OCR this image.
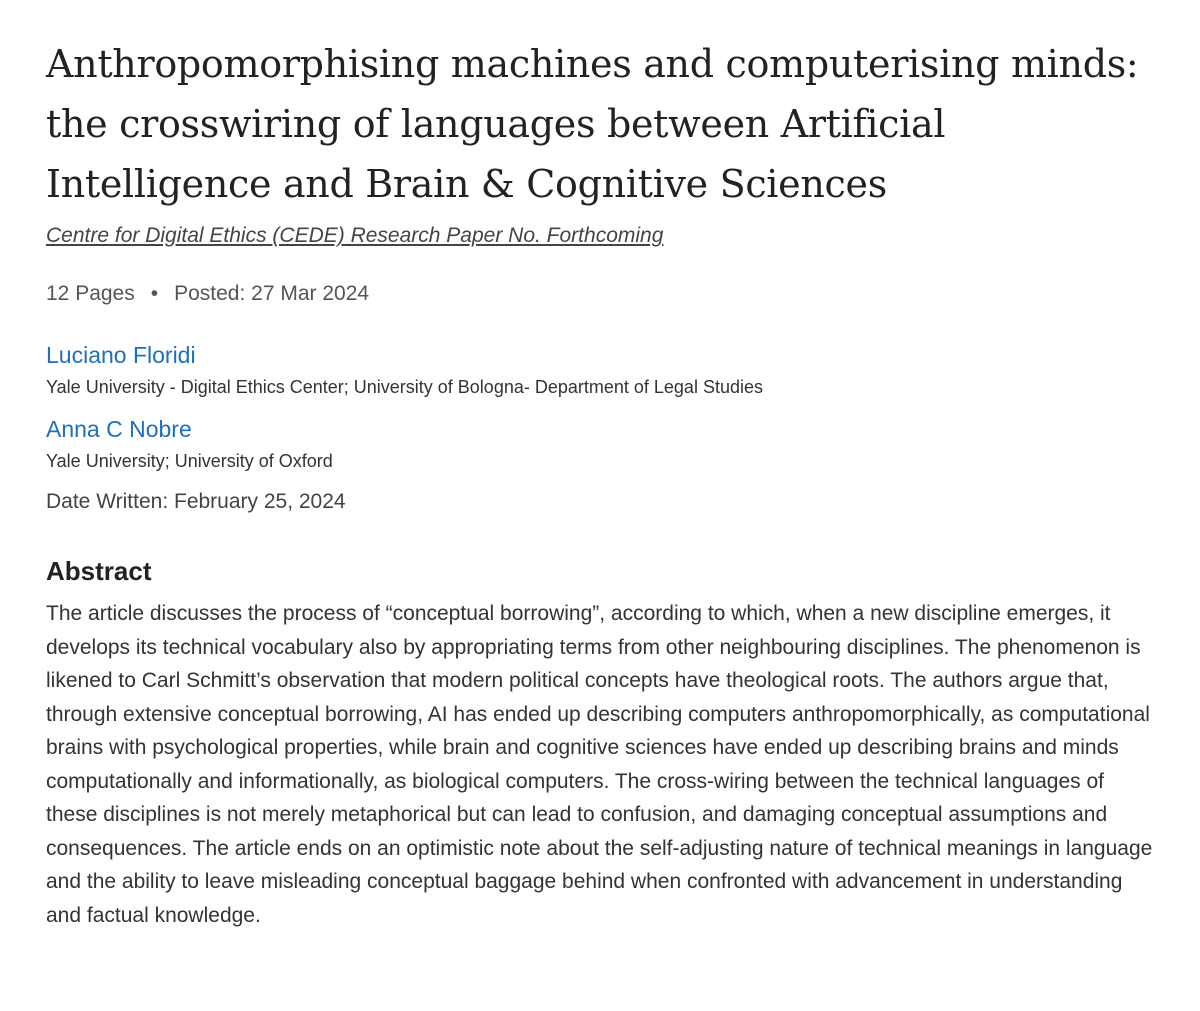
Anthropomorphising machines and computerising minds: the crosswiring of languages between Artificial Intelligence and Brain & Cognitive Sciences
Centre for Digital Ethics (CEDE) Research Paper No. Forthcoming
12 Pages • Posted: 27 Mar 2024
Luciano Floridi
Yale University - Digital Ethics Center; University of Bologna- Department of Legal Studies
Anna C Nobre
Yale University; University of Oxford
Date Written: February 25, 2024
Abstract

The article discusses the process of “conceptual borrowing”, according to which, when a new discipline emerges, it develops its technical vocabulary also by appropriating terms from other neighbouring disciplines. The phenomenon is likened to Carl Schmitt’s observation that modern political concepts have theological roots. The authors argue that, through extensive conceptual borrowing, AI has ended up describing computers anthropomorphically, as computational brains with psychological properties, while brain and cognitive sciences have ended up describing brains and minds computationally and informationally, as biological computers. The cross-wiring between the technical languages of these disciplines is not merely metaphorical but can lead to confusion, and damaging conceptual assumptions and consequences. The article ends on an optimistic note about the self-adjusting nature of technical meanings in language and the ability to leave misleading conceptual baggage behind when confronted with advancement in understanding and factual knowledge.
